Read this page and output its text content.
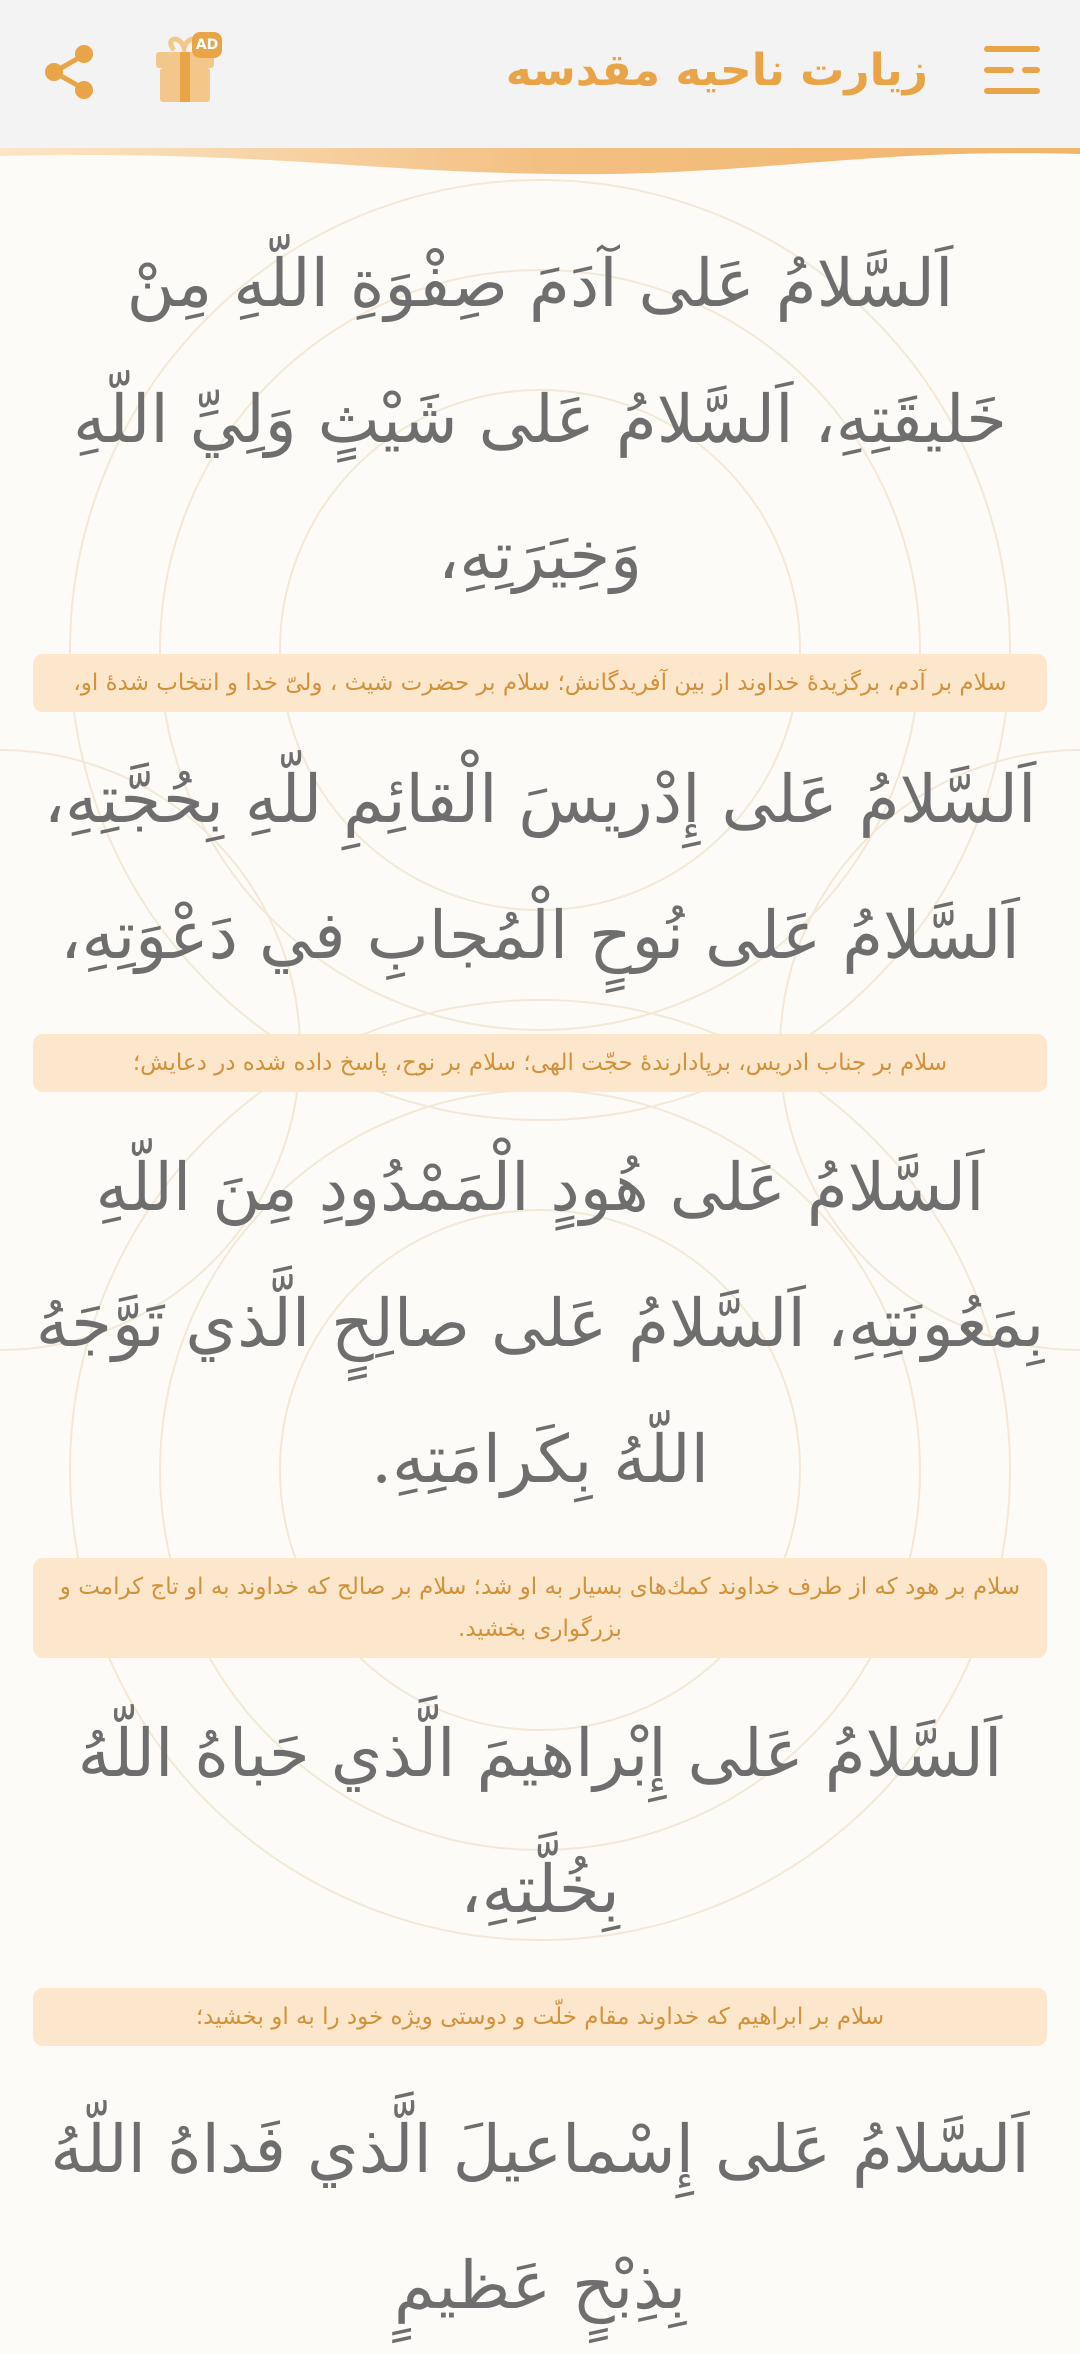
زیارت ناحیه مقدسه
AD
اَلسَّلامُ عَلی آدَمَ صِفْوَةِ اللّهِ مِنْ خَليقَتِهِ، اَلسَّلامُ عَلی شَيْثٍ وَلِيِّ اللّهِ وَخِيَرَتِهِ،
سلام بر آدم، برگزیدۀ خداوند از بین آفریدگانش؛ سلام بر حضرت شیث ، ولیّ خدا و انتخاب شدۀ او،
اَلسَّلامُ عَلی إِدْريسَ الْقائِمِ للّهِ بِحُجَّتِهِ، اَلسَّلامُ عَلی نُوحٍ الْمُجابِ في دَعْوَتِهِ،
سلام بر جناب ادریس، برپادارندۀ حجّت الهی؛ سلام بر نوح، پاسخ داده شده در دعایش؛
اَلسَّلامُ عَلی هُودٍ الْمَمْدُودِ مِنَ اللّهِ بِمَعُونَتِهِ، اَلسَّلامُ عَلی صالِحٍ الَّذي تَوَّجَهُ اللّهُ بِكَرامَتِهِ.
سلام بر هود که از طرف خداوند کمك‌های بسیار به او شد؛ سلام بر صالح که خداوند به او تاج کرامت و بزرگواری بخشید.
اَلسَّلامُ عَلی إِبْراهيمَ الَّذي حَباهُ اللّهُ بِخُلَّتِهِ،
سلام بر ابراهیم که خداوند مقام خلّت و دوستی ویژه خود را به او بخشید؛
اَلسَّلامُ عَلی إِسْماعيلَ الَّذي فَداهُ اللّهُ بِذِبْحٍ عَظيمٍ
